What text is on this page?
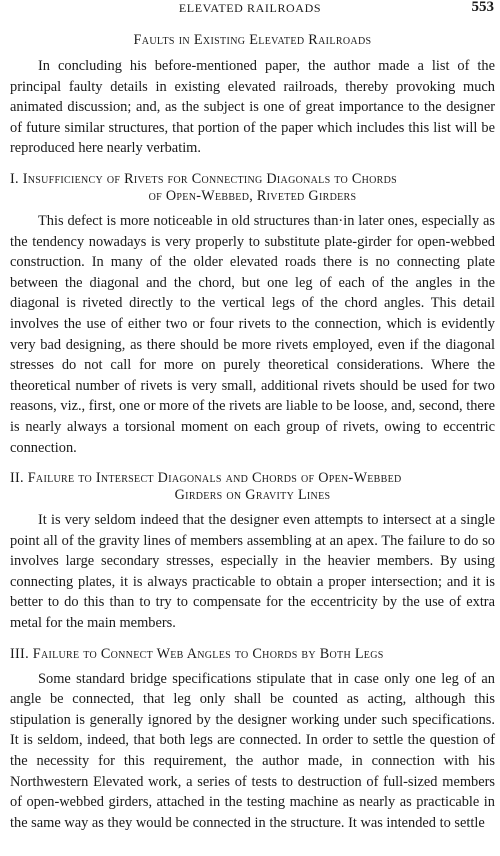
ELEVATED RAILROADS	553
Faults in Existing Elevated Railroads

In concluding his before-mentioned paper, the author made a list of the principal faulty details in existing elevated railroads, thereby provoking much animated discussion; and, as the subject is one of great importance to the designer of future similar structures, that portion of the paper which includes this list will be reproduced here nearly verbatim.

I. Insufficiency of Rivets for Connecting Diagonals to Chords
of Open-Webbed, Riveted Girders

This defect is more noticeable in old structures than·in later ones, especially as the tendency nowadays is very properly to substitute plate-girder for open-webbed construction. In many of the older elevated roads there is no connecting plate between the diagonal and the chord, but one leg of each of the angles in the diagonal is riveted directly to the vertical legs of the chord angles. This detail involves the use of either two or four rivets to the connection, which is evidently very bad designing, as there should be more rivets employed, even if the diagonal stresses do not call for more on purely theoretical considerations. Where the theoretical number of rivets is very small, additional rivets should be used for two reasons, viz., first, one or more of the rivets are liable to be loose, and, second, there is nearly always a torsional moment on each group of rivets, owing to eccentric connection.

II. Failure to Intersect Diagonals and Chords of Open-Webbed
Girders on Gravity Lines

It is very seldom indeed that the designer even attempts to intersect at a single point all of the gravity lines of members assembling at an apex. The failure to do so involves large secondary stresses, especially in the heavier members. By using connecting plates, it is always practicable to obtain a proper intersection; and it is better to do this than to try to compensate for the eccentricity by the use of extra metal for the main members.

III. Failure to Connect Web Angles to Chords by Both Legs

Some standard bridge specifications stipulate that in case only one leg of an angle be connected, that leg only shall be counted as acting, although this stipulation is generally ignored by the designer working under such specifications. It is seldom, indeed, that both legs are connected. In order to settle the question of the necessity for this requirement, the author made, in connection with his Northwestern Elevated work, a series of tests to destruction of full-sized members of open-webbed girders, attached in the testing machine as nearly as practicable in the same way as they would be connected in the structure. It was intended to settle
